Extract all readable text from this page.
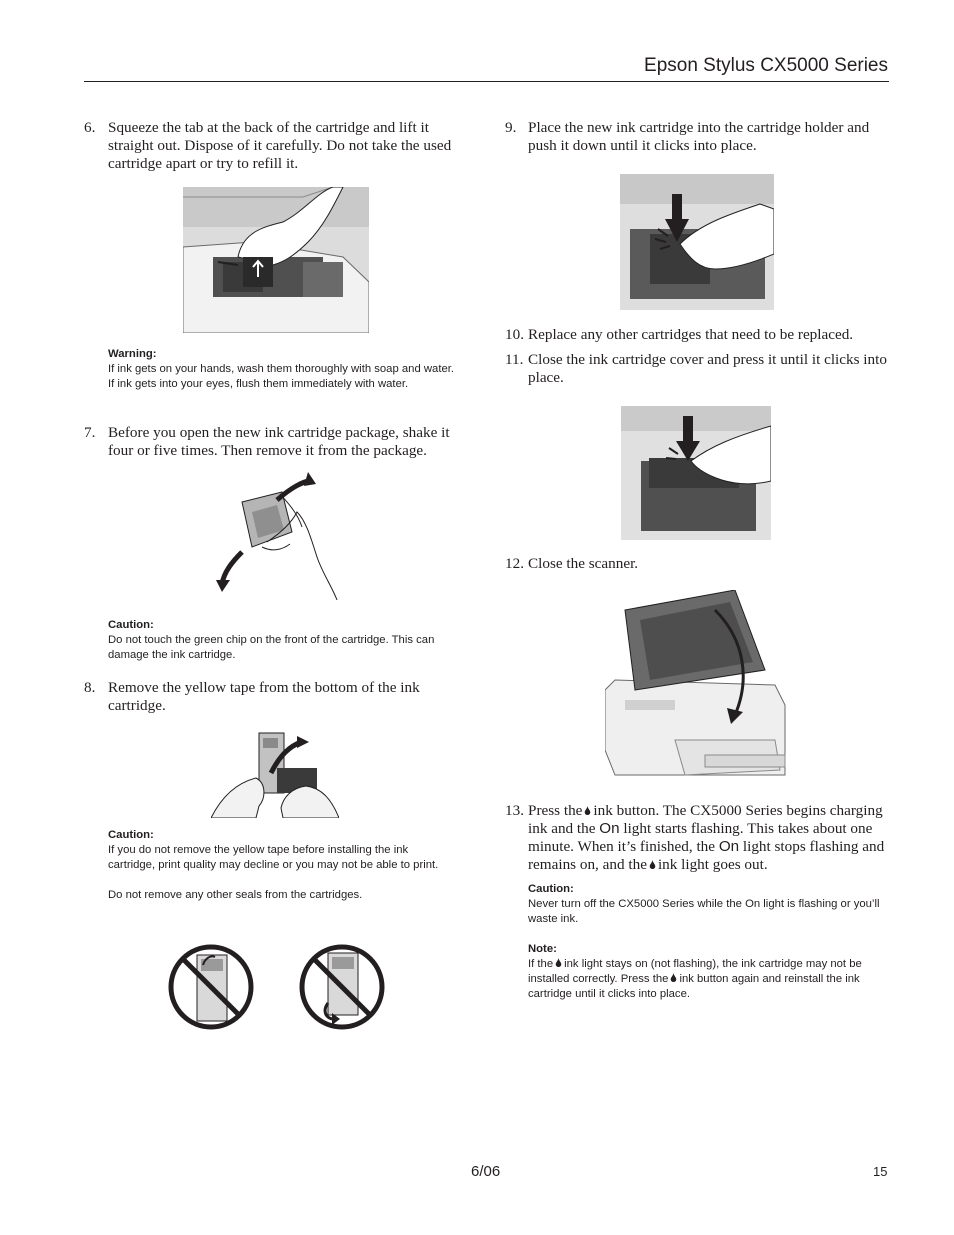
Epson Stylus CX5000 Series
6. Squeeze the tab at the back of the cartridge and lift it straight out. Dispose of it carefully. Do not take the used cartridge apart or try to refill it.
Warning:

If ink gets on your hands, wash them thoroughly with soap and water. If ink gets into your eyes, flush them immediately with water.

7. Before you open the new ink cartridge package, shake it four or five times. Then remove it from the package.
Caution:

Do not touch the green chip on the front of the cartridge. This can damage the ink cartridge.

8. Remove the yellow tape from the bottom of the ink cartridge.
Caution:

If you do not remove the yellow tape before installing the ink cartridge, print quality may decline or you may not be able to print.

Do not remove any other seals from the cartridges.

9. Place the new ink cartridge into the cartridge holder and push it down until it clicks into place.
10. Replace any other cartridges that need to be replaced.
11. Close the ink cartridge cover and press it until it clicks into place.
12. Close the scanner.
13. Press the ink button. The CX5000 Series begins charging ink and the On light starts flashing. This takes about one minute. When it’s finished, the On light stops flashing and remains on, and the ink light goes out.
Caution:

Never turn off the CX5000 Series while the On light is flashing or you’ll waste ink.

Note:

If the ink light stays on (not flashing), the ink cartridge may not be installed correctly. Press the ink button again and reinstall the ink cartridge until it clicks into place.

6/06	15
